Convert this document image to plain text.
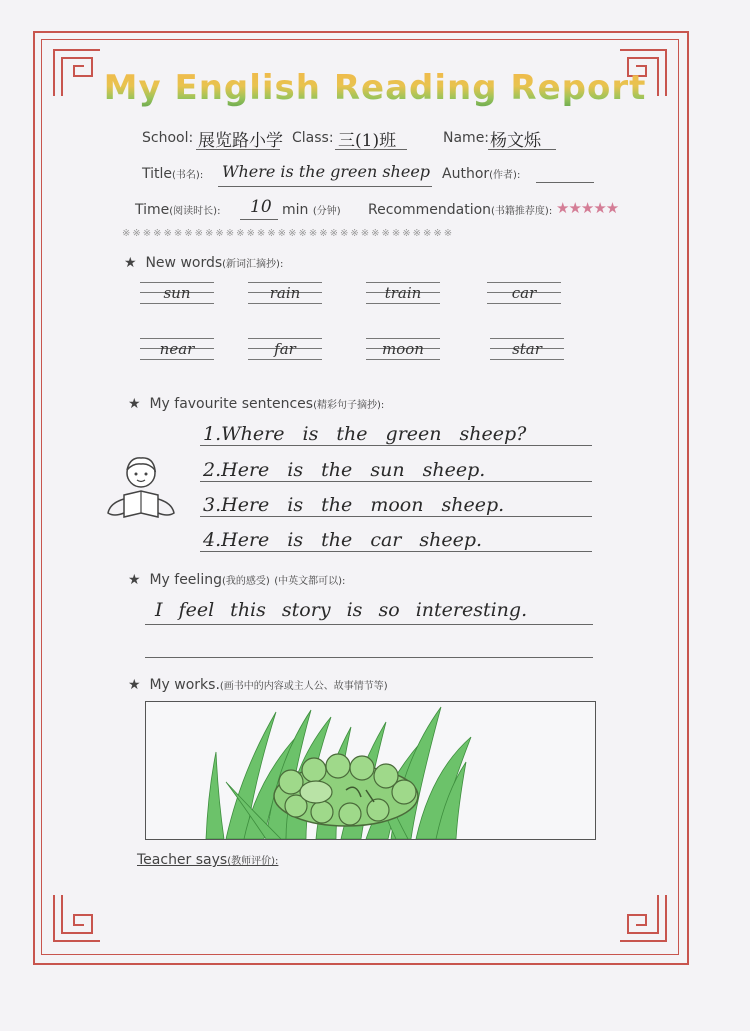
My English Reading Report
School: 展览路小学 Class: 三(1)班	Name: 杨文烁
Title(书名): Where is the green sheep Author(作者):
Time(阅读时长): 10 min (分钟) Recommendation(书籍推荐度): ★★★★★
※※※※※※※※※※※※※※※※※※※※※※※※※※※※※※※※
★  New words(新词汇摘抄):
sun	rain	train	car
near	far	moon	star
★  My favourite sentences(精彩句子摘抄):
1.Where is the green sheep?
2.Here is the sun sheep.
3.Here is the moon sheep.
4.Here is the car sheep.
★  My feeling(我的感受) (中英文都可以):
I feel this story is so interesting.
★  My works.(画书中的内容或主人公、故事情节等)
Teacher says(教师评价):
